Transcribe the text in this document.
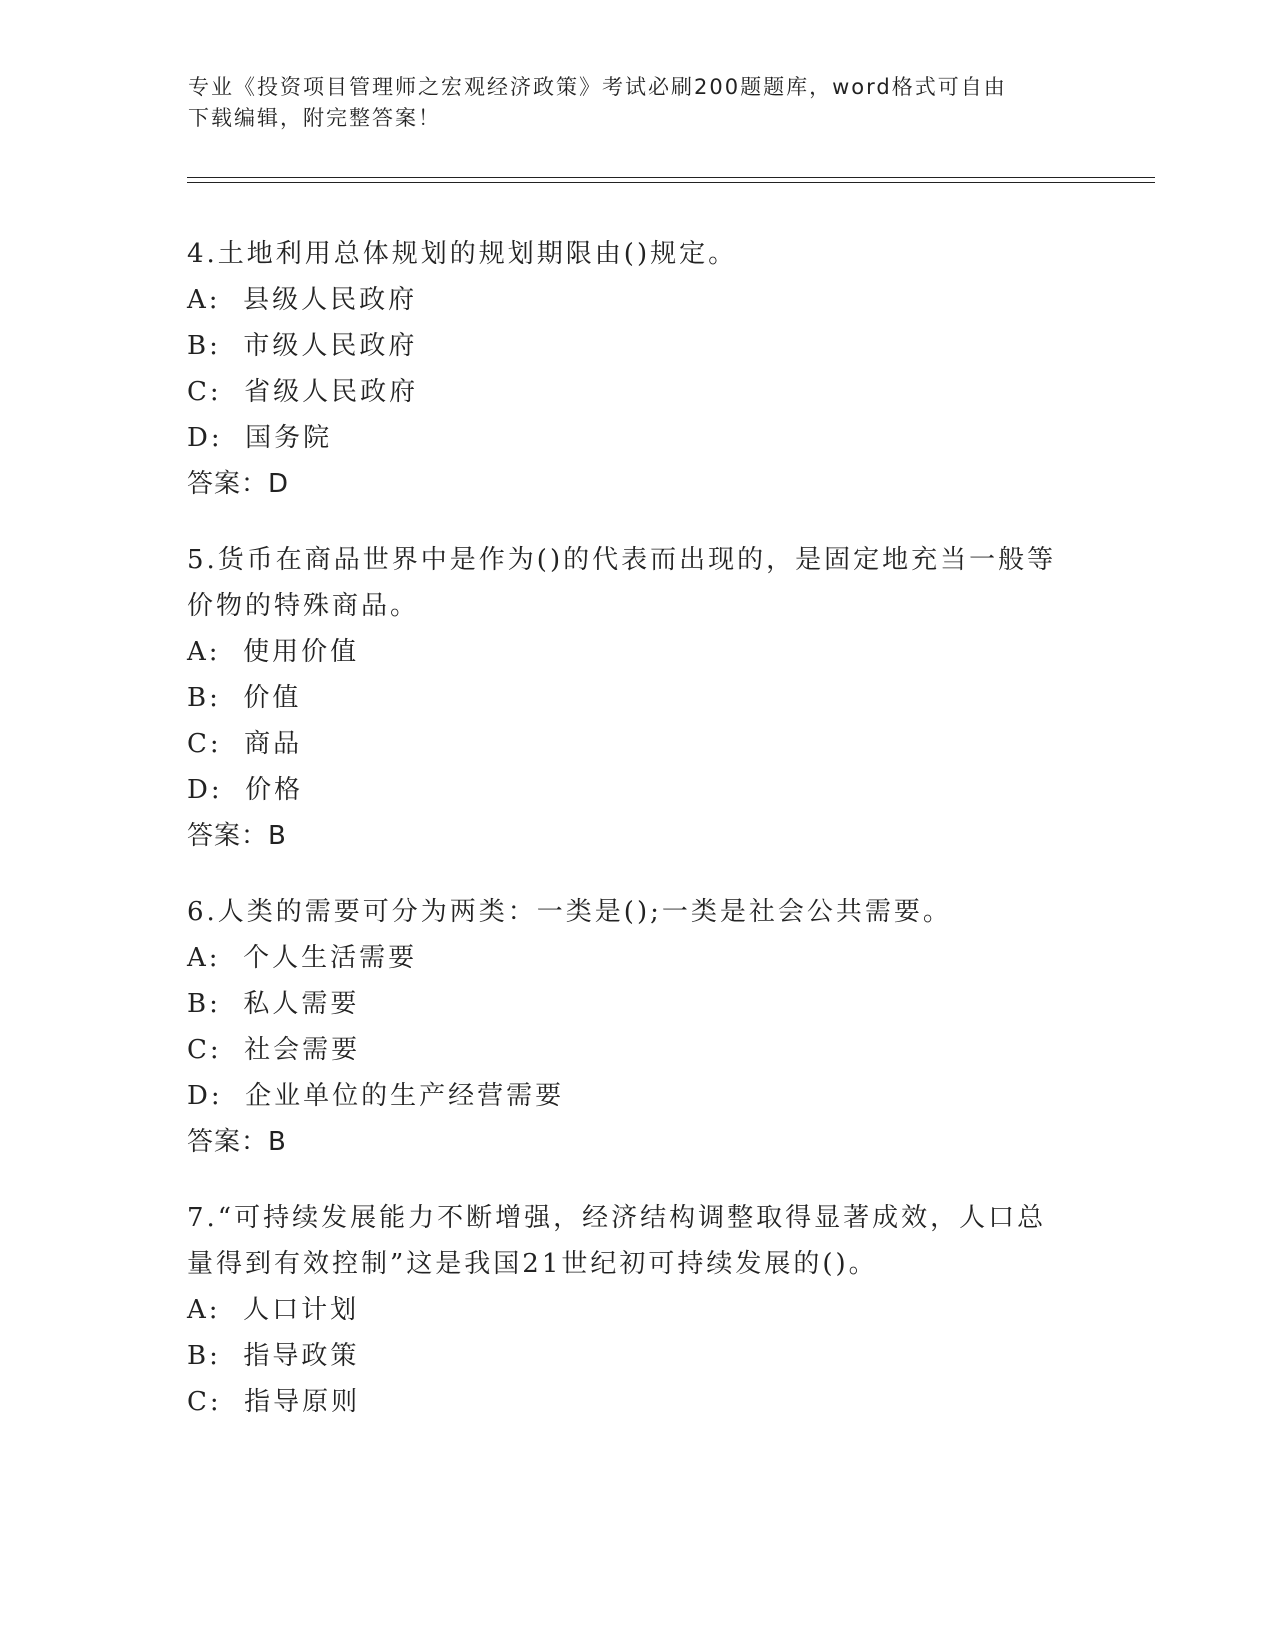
专业《投资项目管理师之宏观经济政策》考试必刷200题题库，word格式可自由
下载编辑，附完整答案！

4.土地利用总体规划的规划期限由()规定。

A:  县级人民政府

B:  市级人民政府

C:  省级人民政府

D:  国务院

答案：D

5.货币在商品世界中是作为()的代表而出现的，是固定地充当一般等

价物的特殊商品。

A:  使用价值

B:  价值

C:  商品

D:  价格

答案：B

6.人类的需要可分为两类：一类是();一类是社会公共需要。

A:  个人生活需要

B:  私人需要

C:  社会需要

D:  企业单位的生产经营需要

答案：B

7.“可持续发展能力不断增强，经济结构调整取得显著成效，人口总

量得到有效控制”这是我国21世纪初可持续发展的()。

A:  人口计划

B:  指导政策

C:  指导原则
